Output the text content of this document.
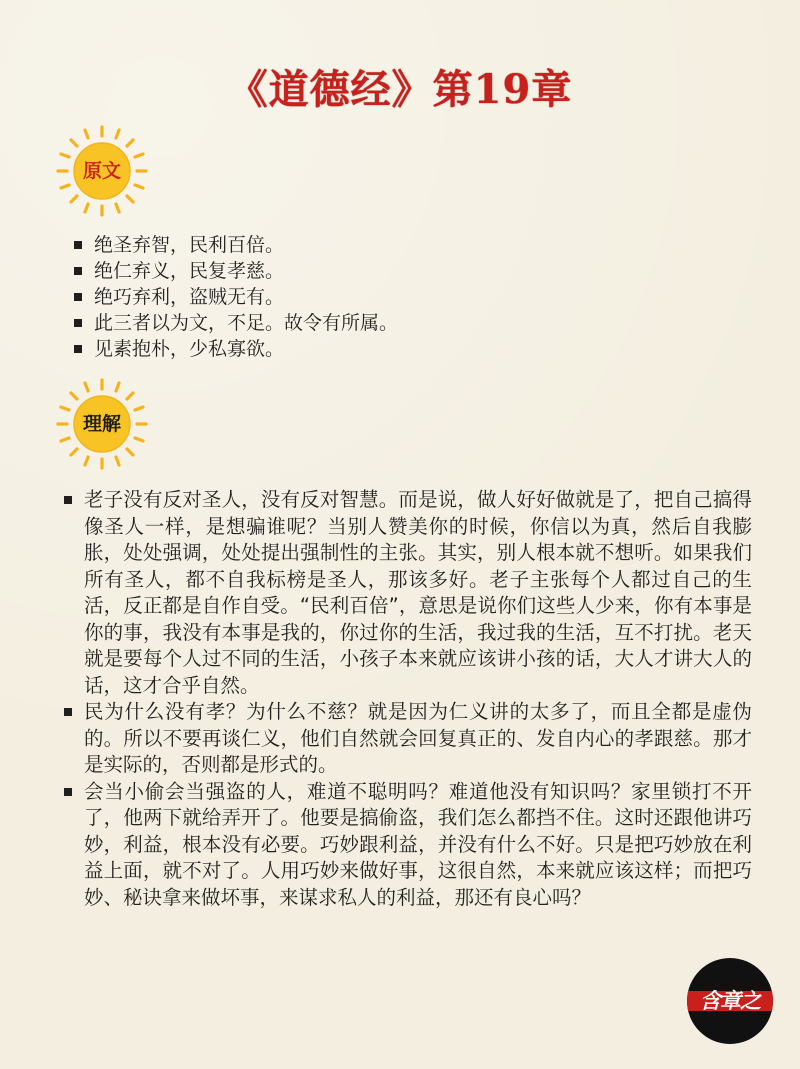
《道德经》第19章
原文
绝圣弃智，民利百倍。
绝仁弃义，民复孝慈。
绝巧弃利，盗贼无有。
此三者以为文，不足。故令有所属。
见素抱朴，少私寡欲。
理解
老子没有反对圣人，没有反对智慧。而是说，做人好好做就是了，把自己搞得像圣人一样，是想骗谁呢？当别人赞美你的时候，你信以为真，然后自我膨胀，处处强调，处处提出强制性的主张。其实，别人根本就不想听。如果我们所有圣人，都不自我标榜是圣人，那该多好。老子主张每个人都过自己的生活，反正都是自作自受。“民利百倍”，意思是说你们这些人少来，你有本事是你的事，我没有本事是我的，你过你的生活，我过我的生活，互不打扰。老天就是要每个人过不同的生活，小孩子本来就应该讲小孩的话，大人才讲大人的话，这才合乎自然。
民为什么没有孝？为什么不慈？就是因为仁义讲的太多了，而且全都是虚伪的。所以不要再谈仁义，他们自然就会回复真正的、发自内心的孝跟慈。那才是实际的，否则都是形式的。
会当小偷会当强盗的人，难道不聪明吗？难道他没有知识吗？家里锁打不开了，他两下就给弄开了。他要是搞偷盗，我们怎么都挡不住。这时还跟他讲巧妙，利益，根本没有必要。巧妙跟利益，并没有什么不好。只是把巧妙放在利益上面，就不对了。人用巧妙来做好事，这很自然，本来就应该这样；而把巧妙、秘诀拿来做坏事，来谋求私人的利益，那还有良心吗？
含章之
